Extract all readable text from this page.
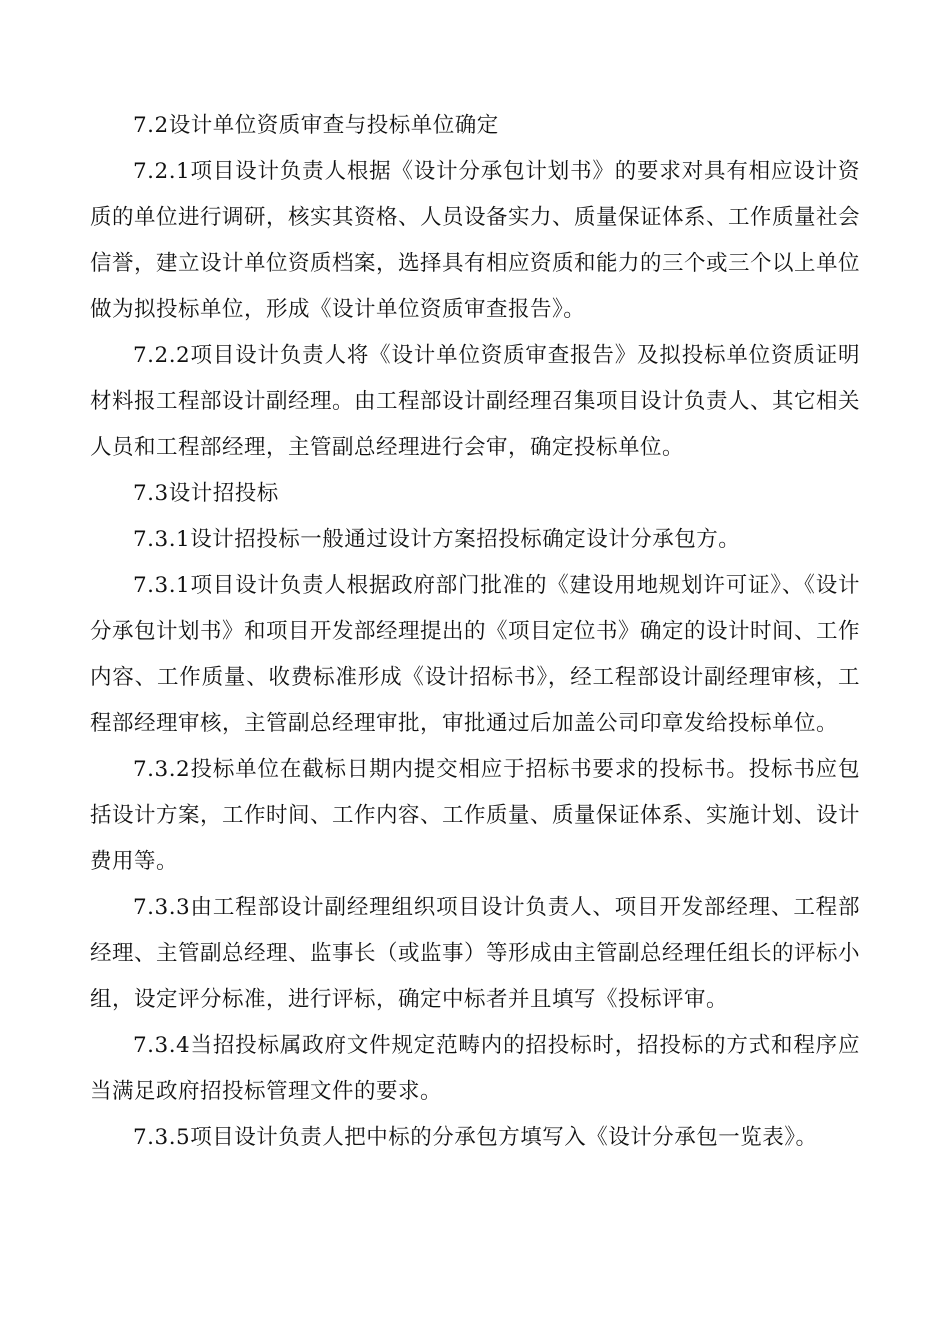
7.2设计单位资质审查与投标单位确定

7.2.1项目设计负责人根据《设计分承包计划书》的要求对具有相应设计资质的单位进行调研，核实其资格、人员设备实力、质量保证体系、工作质量社会信誉，建立设计单位资质档案，选择具有相应资质和能力的三个或三个以上单位做为拟投标单位，形成《设计单位资质审查报告》。

7.2.2项目设计负责人将《设计单位资质审查报告》及拟投标单位资质证明材料报工程部设计副经理。由工程部设计副经理召集项目设计负责人、其它相关人员和工程部经理，主管副总经理进行会审，确定投标单位。

7.3设计招投标

7.3.1设计招投标一般通过设计方案招投标确定设计分承包方。

7.3.1项目设计负责人根据政府部门批准的《建设用地规划许可证》、《设计分承包计划书》和项目开发部经理提出的《项目定位书》确定的设计时间、工作内容、工作质量、收费标准形成《设计招标书》，经工程部设计副经理审核，工程部经理审核，主管副总经理审批，审批通过后加盖公司印章发给投标单位。

7.3.2投标单位在截标日期内提交相应于招标书要求的投标书。投标书应包括设计方案，工作时间、工作内容、工作质量、质量保证体系、实施计划、设计费用等。

7.3.3由工程部设计副经理组织项目设计负责人、项目开发部经理、工程部经理、主管副总经理、监事长（或监事）等形成由主管副总经理任组长的评标小组，设定评分标准，进行评标，确定中标者并且填写《投标评审。

7.3.4当招投标属政府文件规定范畴内的招投标时，招投标的方式和程序应当满足政府招投标管理文件的要求。

7.3.5项目设计负责人把中标的分承包方填写入《设计分承包一览表》。
